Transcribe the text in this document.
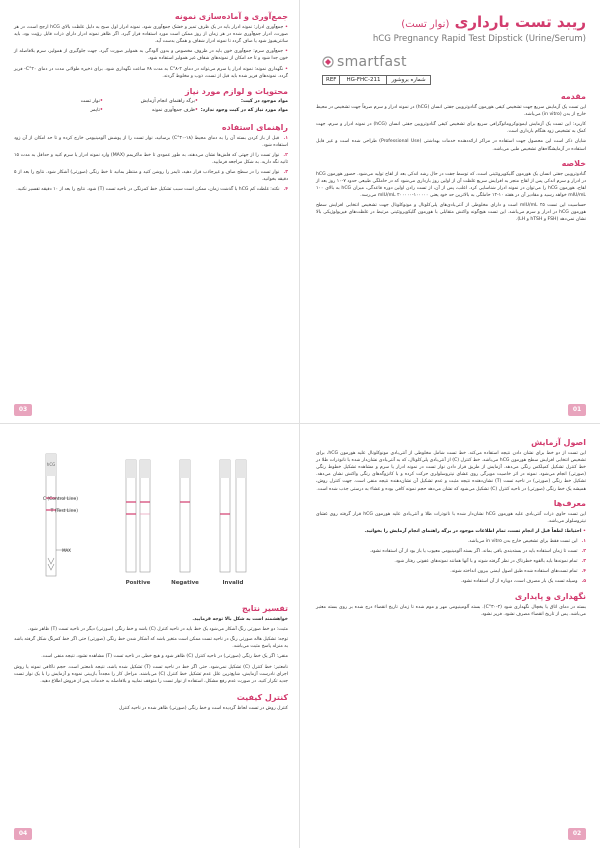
ریبد تست بارداری (نوار تست)
hCG Pregnancy Rapid Test Dipstick (Urine/Serum)
smartfast
REF	HG-FHC-211	شماره بروشور
مقدمه

این تست یک آزمایش سریع جهت تشخیص کیفی هورمون گنادوتروپین جفتی انسان (hCG) در نمونه ادرار و سرم صرفاً جهت تشخیص در محیط خارج از بدن (in vitro) می‌باشد.

کاربرد: این تست یک آزمایش ایمونوکروماتوگرافی سریع برای تشخیص کیفی گنادوتروپین جفتی انسان (hCG) در نمونه ادرار و سرم، جهت کمک به تشخیص زود هنگام بارداری است.

شایان ذکر است این محصول جهت استفاده در مراکز ارائه‌دهنده خدمات بهداشتی (Professional Use) طراحی شده است و غیر قابل استفاده در آزمایشگاه‌های تشخیص طبی می‌باشد.

خلاصه

گنادوتروپین جفتی انسان یک هورمون گلیکوپروتئینی است، که توسط جفت در حال رشد اندکی بعد از لقاح تولید می‌شود. حضور هورمون hCG در ادرار و سرم اندکی پس از لقاح منجر به افزایش سریع غلظت آن از اولین روز بارداری می‌شود که در حاملگی طبیعی حدود ۷-۱۰ روز بعد از لقاح، هورمون hCG را می‌توان در نمونه ادرار شناسایی کرد. اغلب، پس از آن، از تست رادن اولین دوره قاعدگی، میزان hCG به بالای ۱۰۰ mIU/mL خواهد رسید و مقادیر آن در هفته ۱۰-۱۲ حاملگی به بالاترین حد خود یعنی ۱۰۰۰۰۰-۲۰۰۰۰۰ mIU/mL می‌رسد.

حساسیت این تست ۲۵ mIU/mL است و دارای مخلوطی از آنتی‌بادی‌های پلی‌کلونال و مونوکلونال جهت تشخیص انتخابی افزایش سطح هورمون hCG در ادرار و سرم می‌باشد. این تست هیچ‌گونه واکنش متقابلی با هورمون گلیکوپروتئینی مرتبط در غلظت‌های فیزیولوژیکی بالا نشان نمی‌دهد (FSH و hTSH و LH).

01
جمع‌آوری و آماده‌سازی نمونه

• جمع‌آوری ادرار: نمونه ادرار باید در یک ظرف تمیز و خشک جمع‌آوری شود. نمونه ادرار اول صبح به دلیل غلظت بالای hCG ارجح است، در هر صورت، ادرار جمع‌آوری شده در هر زمان از روز ممکن است مورد استفاده قرار گیرد. اگر ظاهر نمونه ادرار دارای ذرات قابل رؤیت بود، باید سانتریفیوژ شود یا صاف گردد تا نمونه ادرار شفاف و همگن بدست آید.

• جمع‌آوری سرم: جمع‌آوری خون باید در ظروف مخصوص و بدون آلودگی به همولیز صورت گیرد. جهت جلوگیری از همولیز، سرم بلافاصله از خون جدا شود و تا حد امکان از نمونه‌های شفاف غیر همولیز استفاده شود.

• نگهداری نمونه: نمونه ادرار یا سرم می‌تواند در دمای ۲-۸°C به مدت ۴۸ ساعت نگهداری شود. برای ذخیره طولانی مدت در دمای ۲۰°C- فریز گردد. نمونه‌های فریز شده باید قبل از تست، ذوب و مخلوط گردند.

محتویات و لوازم مورد نیاز
مواد موجود در کیت:
• برگه راهنمای انجام آزمایش
• نوار تست
مواد مورد نیاز که در کیت وجود ندارد:
• ظرف جمع‌آوری نمونه
• تایمر
راهنمای استفاده

۱. قبل از باز کردن بسته آن را به دمای محیط (۱۸-۳۰°C) برسانید، نوار تست را از پوشش آلومینیومی خارج کرده و تا حد امکان از آن زود استفاده شود.

۲. نوار تست را از جهتی که فلش‌ها نشان می‌دهند، به طور عمودی تا خط ماکزیمم (MAX) وارد نمونه ادرار یا سرم کنید و حداقل به مدت ۱۵ ثانیه نگه دارید. به شکل مراجعه فرمایید.

۳. نوار تست را در سطح صاف و غیرجاذب قرار دهید، تایمر را روشن کنید و منتظر بمانید تا خط رنگی (صورتی) آشکار شود. نتایج را بعد از ۵ دقیقه بخوانید.

۴. نکته: غلظت کم hCG با گذشت زمان، ممکن است سبب تشکیل خط کمرنگی در ناحیه تست (T) شود. نتایج را بعد از ۱۰ دقیقه تفسیر نکنید.

03
اصول آزمایش

این تست از دو خط برای نشان دادن نتیجه استفاده می‌کند. خط تست شامل مخلوطی از آنتی‌بادی مونوکلونال علیه هورمون hCG، برای تشخیص انتخابی افزایش سطح هورمون hCG می‌باشد. خط کنترل (C) از آنتی‌بادی پلی‌کلونال، که به آنتی‌بادی نشان‌دار شده با نانوذرات طلا در خط کنترل تشکیل کمپلکس رنگی می‌دهد. آزمایش از طریق قرار دادن نوار تست در نمونه ادرار یا سرم و مشاهده تشکیل خطوط رنگی (صورتی) انجام می‌شود. نمونه در اثر خاصیت مویرگی روی غشای نیتروسلولزی حرکت کرده و با کانژوگه‌های رنگی واکنش نشان می‌دهد. تشکیل خط رنگی (صورتی) در ناحیه تست (T) نشان‌دهنده نتیجه مثبت و عدم تشکیل آن نشان‌دهنده نتیجه منفی است. جهت کنترل روش، همیشه یک خط رنگی (صورتی) در ناحیه کنترل (C) تشکیل می‌شود که نشان می‌دهد حجم نمونه کافی بوده و غشاء به درستی جذب شده است.

معرف‌ها

این تست حاوی ذرات آنتی‌بادی علیه هورمون hCG نشان‌دار شده با نانوذرات طلا و آنتی‌بادی علیه هورمون hCG قرار گرفته روی غشای نیتروسلولز می‌باشد.

• احتیاط: لطفاً قبل از انجام تست، تمام اطلاعات موجود در برگه راهنمای انجام آزمایش را بخوانید.

۱. این تست فقط برای تشخیص خارج بدن in vitro می‌باشد.

۲. تست تا زمان استفاده باید در بسته‌بندی باقی بماند. اگر بسته آلومینیومی معیوب یا باز بود از آن استفاده نشود.

۳. تمام نمونه‌ها باید بالقوه خطرناک در نظر گرفته شوند و با آنها همانند نمونه‌های عفونی رفتار شود.

۴. تمام تست‌های استفاده شده طبق اصول ایمنی بیرون انداخته شوند.

۵. وسیله تست یک بار مصرف است، دوباره از آن استفاده نشود.

نگهداری و پایداری

بسته در دمای اتاق یا یخچال نگهداری شود (۲-۳۰°C). بسته آلومینیومی مهر و موم شده تا زمان تاریخ انقضاء درج شده بر روی بسته معتبر می‌باشد. پس از تاریخ انقضاء مصرف نشود. فریز نشود.

02
hCG
C (Control Line)
T (Test Line)
MAX
Positive	Negative	Invalid
تفسیر نتایج

خواهشمند است به شکل بالا توجه فرمایید.

مثبت: دو خط صورتی رنگ آشکار می‌شود یک خط باید در ناحیه کنترل (C) باشد و خط رنگی (صورتی) دیگر در ناحیه تست (T) ظاهر شود.

توجه: تشکیل هاله صورتی رنگ در ناحیه تست ممکن است متغیر باشد که آشکار شدن خط رنگی (صورتی) حتی اگر خط کمرنگ شکل گرفته باشد به منزله پاسخ مثبت می‌باشد.

منفی: اگر یک خط رنگی (صورتی) در ناحیه کنترل (C) ظاهر شود و هیچ خطی در ناحیه تست (T) مشاهده نشود، نتیجه منفی است.

نامعتبر: خط کنترل (C) تشکیل نمی‌شود. حتی اگر خط در ناحیه تست (T) تشکیل شده باشد، نتیجه نامعتبر است. حجم ناکافی نمونه یا روش اجرای نادرست آزمایش، شایع‌ترین علل عدم تشکیل خط کنترل (C) می‌باشند. مراحل کار را مجدداً بازبینی نموده و آزمایش را با یک نوار تست جدید تکرار کنید. در صورت عدم رفع مشکل، استفاده از نوار تست را متوقف نمایید و بلافاصله به خدمات پس از فروش اطلاع دهید.

کنترل کیفیت

کنترل روش در تست لحاظ گردیده است و خط رنگی (صورتی) ظاهر شده در ناحیه کنترل

04
